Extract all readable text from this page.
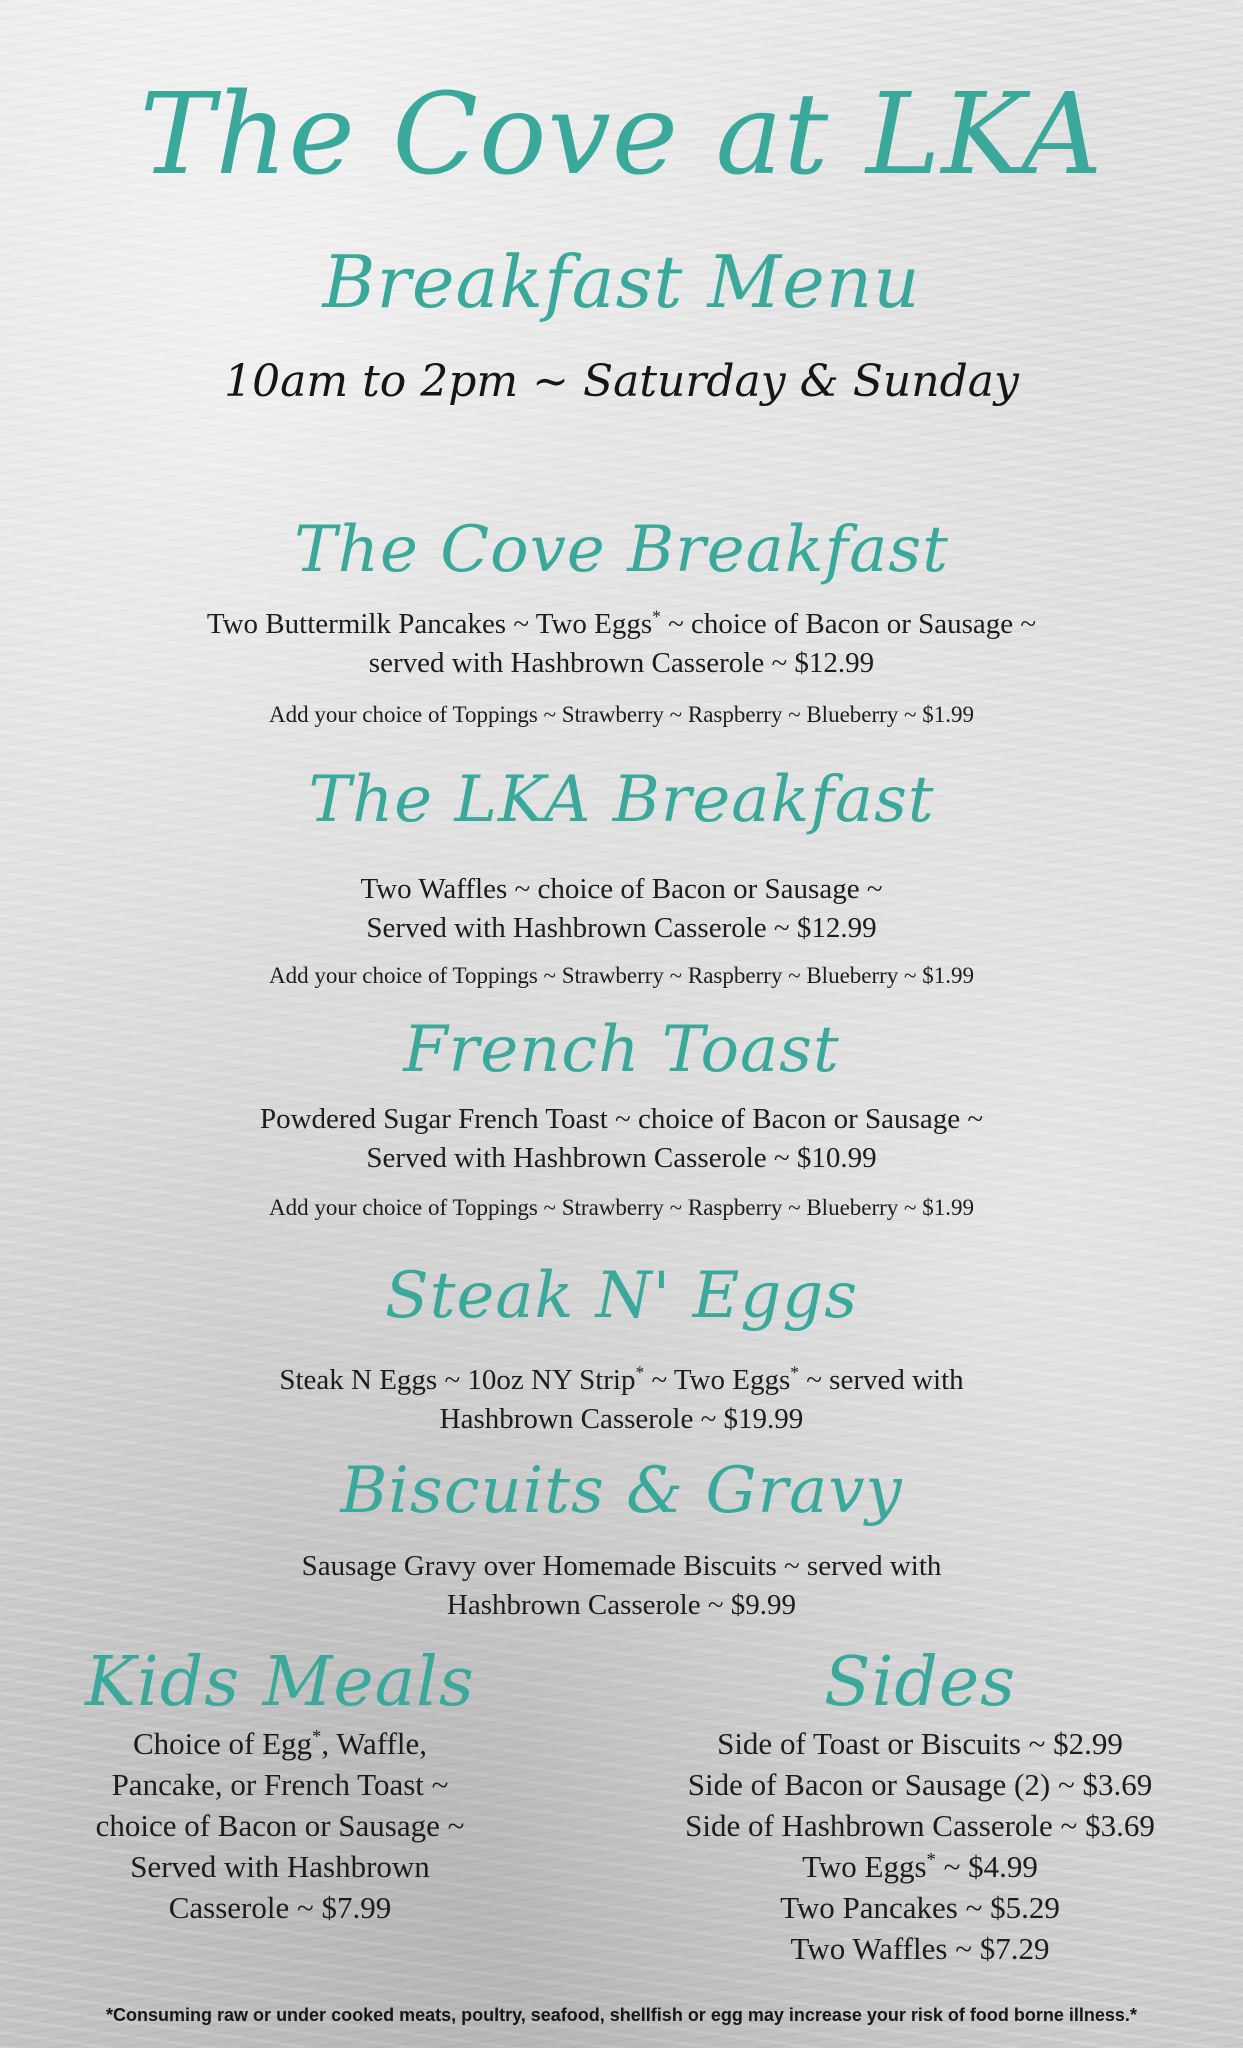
The Cove at LKA
Breakfast Menu
10am to 2pm ~ Saturday & Sunday
The Cove Breakfast
Two Buttermilk Pancakes ~ Two Eggs* ~ choice of Bacon or Sausage ~
served with Hashbrown Casserole ~ $12.99
Add your choice of Toppings ~ Strawberry ~ Raspberry ~ Blueberry ~ $1.99
The LKA Breakfast
Two Waffles ~ choice of Bacon or Sausage ~
Served with Hashbrown Casserole ~ $12.99
Add your choice of Toppings ~ Strawberry ~ Raspberry ~ Blueberry ~ $1.99
French Toast
Powdered Sugar French Toast ~ choice of Bacon or Sausage ~
Served with Hashbrown Casserole ~ $10.99
Add your choice of Toppings ~ Strawberry ~ Raspberry ~ Blueberry ~ $1.99
Steak N' Eggs
Steak N Eggs ~ 10oz NY Strip* ~ Two Eggs* ~ served with
Hashbrown Casserole ~ $19.99
Biscuits & Gravy
Sausage Gravy over Homemade Biscuits ~ served with
Hashbrown Casserole ~ $9.99
Kids Meals
Choice of Egg*, Waffle,
Pancake, or French Toast ~
choice of Bacon or Sausage ~
Served with Hashbrown
Casserole ~ $7.99
Sides
Side of Toast or Biscuits ~ $2.99
Side of Bacon or Sausage (2) ~ $3.69
Side of Hashbrown Casserole ~ $3.69
Two Eggs* ~ $4.99
Two Pancakes ~ $5.29
Two Waffles ~ $7.29
*Consuming raw or under cooked meats, poultry, seafood, shellfish or egg may increase your risk of food borne illness.*
